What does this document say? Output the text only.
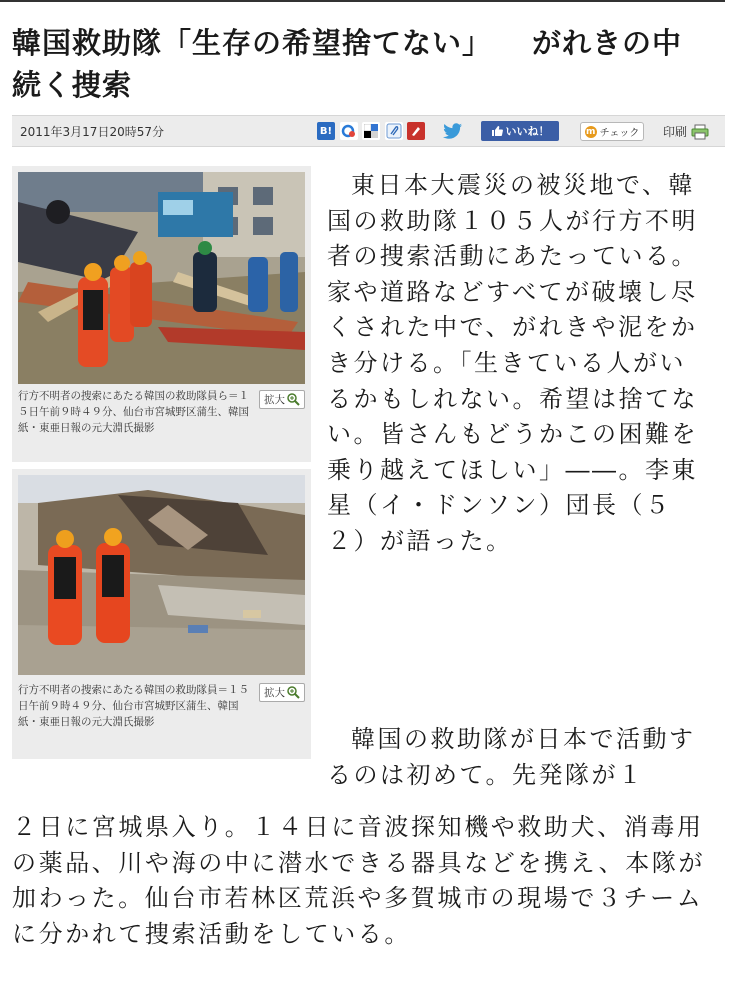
韓国救助隊「生存の希望捨てない」 がれきの中
続く捜索
2011年3月17日20時57分	B!	いいね！	m チェック 印刷

行方不明者の捜索にあたる韓国の救助隊員ら＝１５日午前９時４９分、仙台市宮城野区蒲生、韓国紙・東亜日報の元大淵氏撮影

拡大

行方不明者の捜索にあたる韓国の救助隊員＝１５日午前９時４９分、仙台市宮城野区蒲生、韓国紙・東亜日報の元大淵氏撮影

拡大

東日本大震災の被災地で、韓国の救助隊１０５人が行方不明者の捜索活動にあたっている。家や道路などすべてが破壊し尽くされた中で、がれきや泥をかき分ける。「生きている人がいるかもしれない。希望は捨てない。皆さんもどうかこの困難を乗り越えてほしい」――。李東星（イ・ドンソン）団長（５２）が語った。

韓国の救助隊が日本で活動するのは初めて。先発隊が１

２日に宮城県入り。１４日に音波探知機や救助犬、消毒用の薬品、川や海の中に潜水できる器具などを携え、本隊が加わった。仙台市若林区荒浜や多賀城市の現場で３チームに分かれて捜索活動をしている。
